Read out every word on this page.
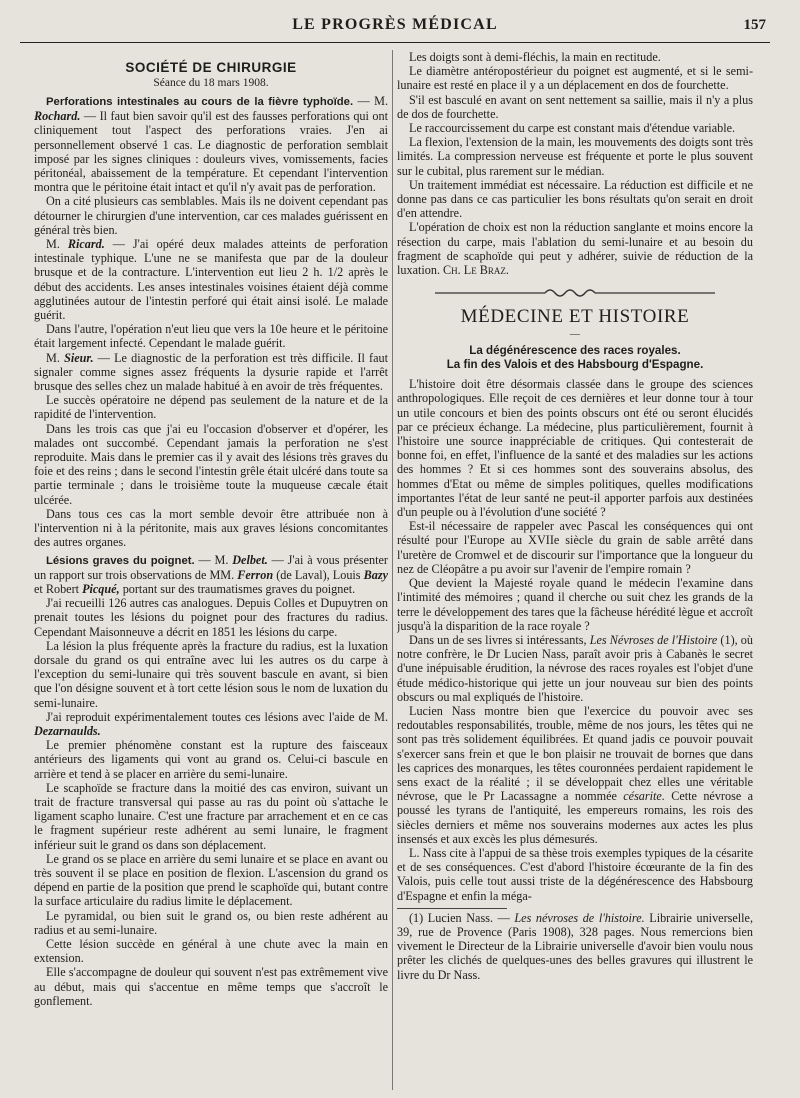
LE PROGRÈS MÉDICAL	157
SOCIÉTÉ DE CHIRURGIE
Séance du 18 mars 1908.

Perforations intestinales au cours de la fièvre typhoïde. — M. Rochard. — Il faut bien savoir qu'il est des fausses perforations qui ont cliniquement tout l'aspect des perforations vraies. J'en ai personnellement observé 1 cas. Le diagnostic de perforation semblait imposé par les signes cliniques : douleurs vives, vomissements, facies péritonéal, abaissement de la température. Et cependant l'intervention montra que le péritoine était intact et qu'il n'y avait pas de perforation.

On a cité plusieurs cas semblables. Mais ils ne doivent cependant pas détourner le chirurgien d'une intervention, car ces malades guérissent en général très bien.

M. Ricard. — J'ai opéré deux malades atteints de perforation intestinale typhique. L'une ne se manifesta que par de la douleur brusque et de la contracture. L'intervention eut lieu 2 h. 1/2 après le début des accidents. Les anses intestinales voisines étaient déjà comme agglutinées autour de l'intestin perforé qui était ainsi isolé. Le malade guérit.

Dans l'autre, l'opération n'eut lieu que vers la 10e heure et le péritoine était largement infecté. Cependant le malade guérit.

M. Sieur. — Le diagnostic de la perforation est très difficile. Il faut signaler comme signes assez fréquents la dysurie rapide et l'arrêt brusque des selles chez un malade habitué à en avoir de très fréquentes.

Le succès opératoire ne dépend pas seulement de la nature et de la rapidité de l'intervention.

Dans les trois cas que j'ai eu l'occasion d'observer et d'opérer, les malades ont succombé. Cependant jamais la perforation ne s'est reproduite. Mais dans le premier cas il y avait des lésions très graves du foie et des reins ; dans le second l'intestin grêle était ulcéré dans toute sa partie terminale ; dans le troisième toute la muqueuse cæcale était ulcérée.

Dans tous ces cas la mort semble devoir être attribuée non à l'intervention ni à la péritonite, mais aux graves lésions concomitantes des autres organes.

Lésions graves du poignet. — M. Delbet. — J'ai à vous présenter un rapport sur trois observations de MM. Ferron (de Laval), Louis Bazy et Robert Picqué, portant sur des traumatismes graves du poignet.

J'ai recueilli 126 autres cas analogues. Depuis Colles et Dupuytren on prenait toutes les lésions du poignet pour des fractures du radius. Cependant Maisonneuve a décrit en 1851 les lésions du carpe.

La lésion la plus fréquente après la fracture du radius, est la luxation dorsale du grand os qui entraîne avec lui les autres os du carpe à l'exception du semi-lunaire qui très souvent bascule en avant, si bien que l'on désigne souvent et à tort cette lésion sous le nom de luxation du semi-lunaire.

J'ai reproduit expérimentalement toutes ces lésions avec l'aide de M. Dezarnaulds.

Le premier phénomène constant est la rupture des faisceaux antérieurs des ligaments qui vont au grand os. Celui-ci bascule en arrière et tend à se placer en arrière du semi-lunaire.

Le scaphoïde se fracture dans la moitié des cas environ, suivant un trait de fracture transversal qui passe au ras du point où s'attache le ligament scapho lunaire. C'est une fracture par arrachement et en ce cas le fragment supérieur reste adhérent au semi lunaire, le fragment inférieur suit le grand os dans son déplacement.

Le grand os se place en arrière du semi lunaire et se place en avant ou très souvent il se place en position de flexion. L'ascension du grand os dépend en partie de la position que prend le scaphoïde qui, butant contre la surface articulaire du radius limite le déplacement.

Le pyramidal, ou bien suit le grand os, ou bien reste adhérent au radius et au semi-lunaire.

Cette lésion succède en général à une chute avec la main en extension.

Elle s'accompagne de douleur qui souvent n'est pas extrêmement vive au début, mais qui s'accentue en même temps que s'accroît le gonflement.

Les doigts sont à demi-fléchis, la main en rectitude.

Le diamètre antéropostérieur du poignet est augmenté, et si le semi-lunaire est resté en place il y a un déplacement en dos de fourchette.

S'il est basculé en avant on sent nettement sa saillie, mais il n'y a plus de dos de fourchette.

Le raccourcissement du carpe est constant mais d'étendue variable.

La flexion, l'extension de la main, les mouvements des doigts sont très limités. La compression nerveuse est fréquente et porte le plus souvent sur le cubital, plus rarement sur le médian.

Un traitement immédiat est nécessaire. La réduction est difficile et ne donne pas dans ce cas particulier les bons résultats qu'on serait en droit d'en attendre.

L'opération de choix est non la réduction sanglante et moins encore la résection du carpe, mais l'ablation du semi-lunaire et au besoin du fragment de scaphoïde qui peut y adhérer, suivie de réduction de la luxation. Ch. Le Braz.

MÉDECINE ET HISTOIRE
—
La dégénérescence des races royales.
La fin des Valois et des Habsbourg d'Espagne.

L'histoire doit être désormais classée dans le groupe des sciences anthropologiques. Elle reçoit de ces dernières et leur donne tour à tour un utile concours et bien des points obscurs ont été ou seront élucidés par ce précieux échange. La médecine, plus particulièrement, fournit à l'histoire une source inappréciable de critiques. Qui contesterait de bonne foi, en effet, l'influence de la santé et des maladies sur les actions des hommes ? Et si ces hommes sont des souverains absolus, des hommes d'Etat ou même de simples politiques, quelles modifications importantes l'état de leur santé ne peut-il apporter parfois aux destinées d'un peuple ou à l'évolution d'une société ?

Est-il nécessaire de rappeler avec Pascal les conséquences qui ont résulté pour l'Europe au XVIIe siècle du grain de sable arrêté dans l'uretère de Cromwel et de discourir sur l'importance que la longueur du nez de Cléopâtre a pu avoir sur l'avenir de l'empire romain ?

Que devient la Majesté royale quand le médecin l'examine dans l'intimité des mémoires ; quand il cherche ou suit chez les grands de la terre le développement des tares que la fâcheuse hérédité lègue et accroît jusqu'à la disparition de la race royale ?

Dans un de ses livres si intéressants, Les Névroses de l'Histoire (1), où notre confrère, le Dr Lucien Nass, paraît avoir pris à Cabanès le secret d'une inépuisable érudition, la névrose des races royales est l'objet d'une étude médico-historique qui jette un jour nouveau sur bien des points obscurs ou mal expliqués de l'histoire.

Lucien Nass montre bien que l'exercice du pouvoir avec ses redoutables responsabilités, trouble, même de nos jours, les têtes qui ne sont pas très solidement équilibrées. Et quand jadis ce pouvoir pouvait s'exercer sans frein et que le bon plaisir ne trouvait de bornes que dans les caprices des monarques, les têtes couronnées perdaient rapidement le sens exact de la réalité ; il se développait chez elles une véritable névrose, que le Pr Lacassagne a nommée césarite. Cette névrose a poussé les tyrans de l'antiquité, les empereurs romains, les rois des siècles derniers et même nos souverains modernes aux actes les plus insensés et aux excès les plus démesurés.

L. Nass cite à l'appui de sa thèse trois exemples typiques de la césarite et de ses conséquences. C'est d'abord l'histoire écœurante de la fin des Valois, puis celle tout aussi triste de la dégénérescence des Habsbourg d'Espagne et enfin la méga-

(1) Lucien Nass. — Les névroses de l'histoire. Librairie universelle, 39, rue de Provence (Paris 1908), 328 pages. Nous remercions bien vivement le Directeur de la Librairie universelle d'avoir bien voulu nous prêter les clichés de quelques-unes des belles gravures qui illustrent le livre du Dr Nass.
